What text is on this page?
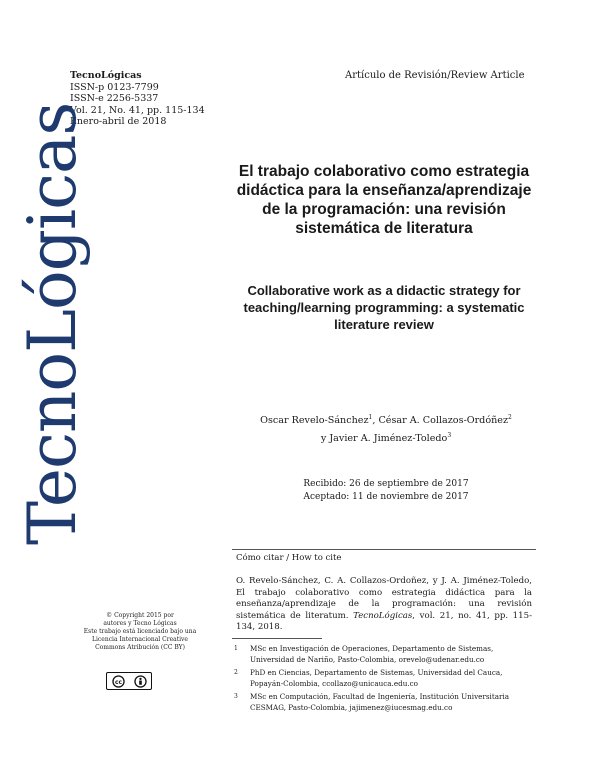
TecnoLógicas
ISSN-p 0123-7799
ISSN-e 2256-5337
Vol. 21, No. 41, pp. 115-134
Enero-abril de 2018
Artículo de Revisión/Review Article
TecnoLógicas	El trabajo colaborativo como estrategia didáctica para la enseñanza/aprendizaje de la programación: una revisión sistemática de literatura
Collaborative work as a didactic strategy for teaching/learning programming: a systematic literature review
Oscar Revelo-Sánchez$^1$, César A. Collazos-Ordóñez$^2$
y Javier A. Jiménez-Toledo$^3$
Recibido: 26 de septiembre de 2017
Aceptado: 11 de noviembre de 2017
Cómo citar / How to cite
O. Revelo-Sánchez, C. A. Collazos-Ordoñez, y J. A. Jiménez-Toledo, El trabajo colaborativo como estrategia didáctica para la enseñanza/aprendizaje de la programación: una revisión sistemática de literatum. TecnoLógicas, vol. 21, no. 41, pp. 115-134, 2018.
© Copyright 2015 por
autores y Tecno Lógicas
Este trabajo está licenciado bajo una
Licencia Internacional Creative
Commons Atribución (CC BY)
cc
1	MSc en Investigación de Operaciones, Departamento de Sistemas, Universidad de Nariño, Pasto-Colombia, orevelo@udenar.edu.co
2	PhD en Ciencias, Departamento de Sistemas, Universidad del Cauca, Popayán-Colombia, ccollazo@unicauca.edu.co
3	MSc en Computación, Facultad de Ingeniería, Institución Universitaria CESMAG, Pasto-Colombia, jajimenez@iucesmag.edu.co
